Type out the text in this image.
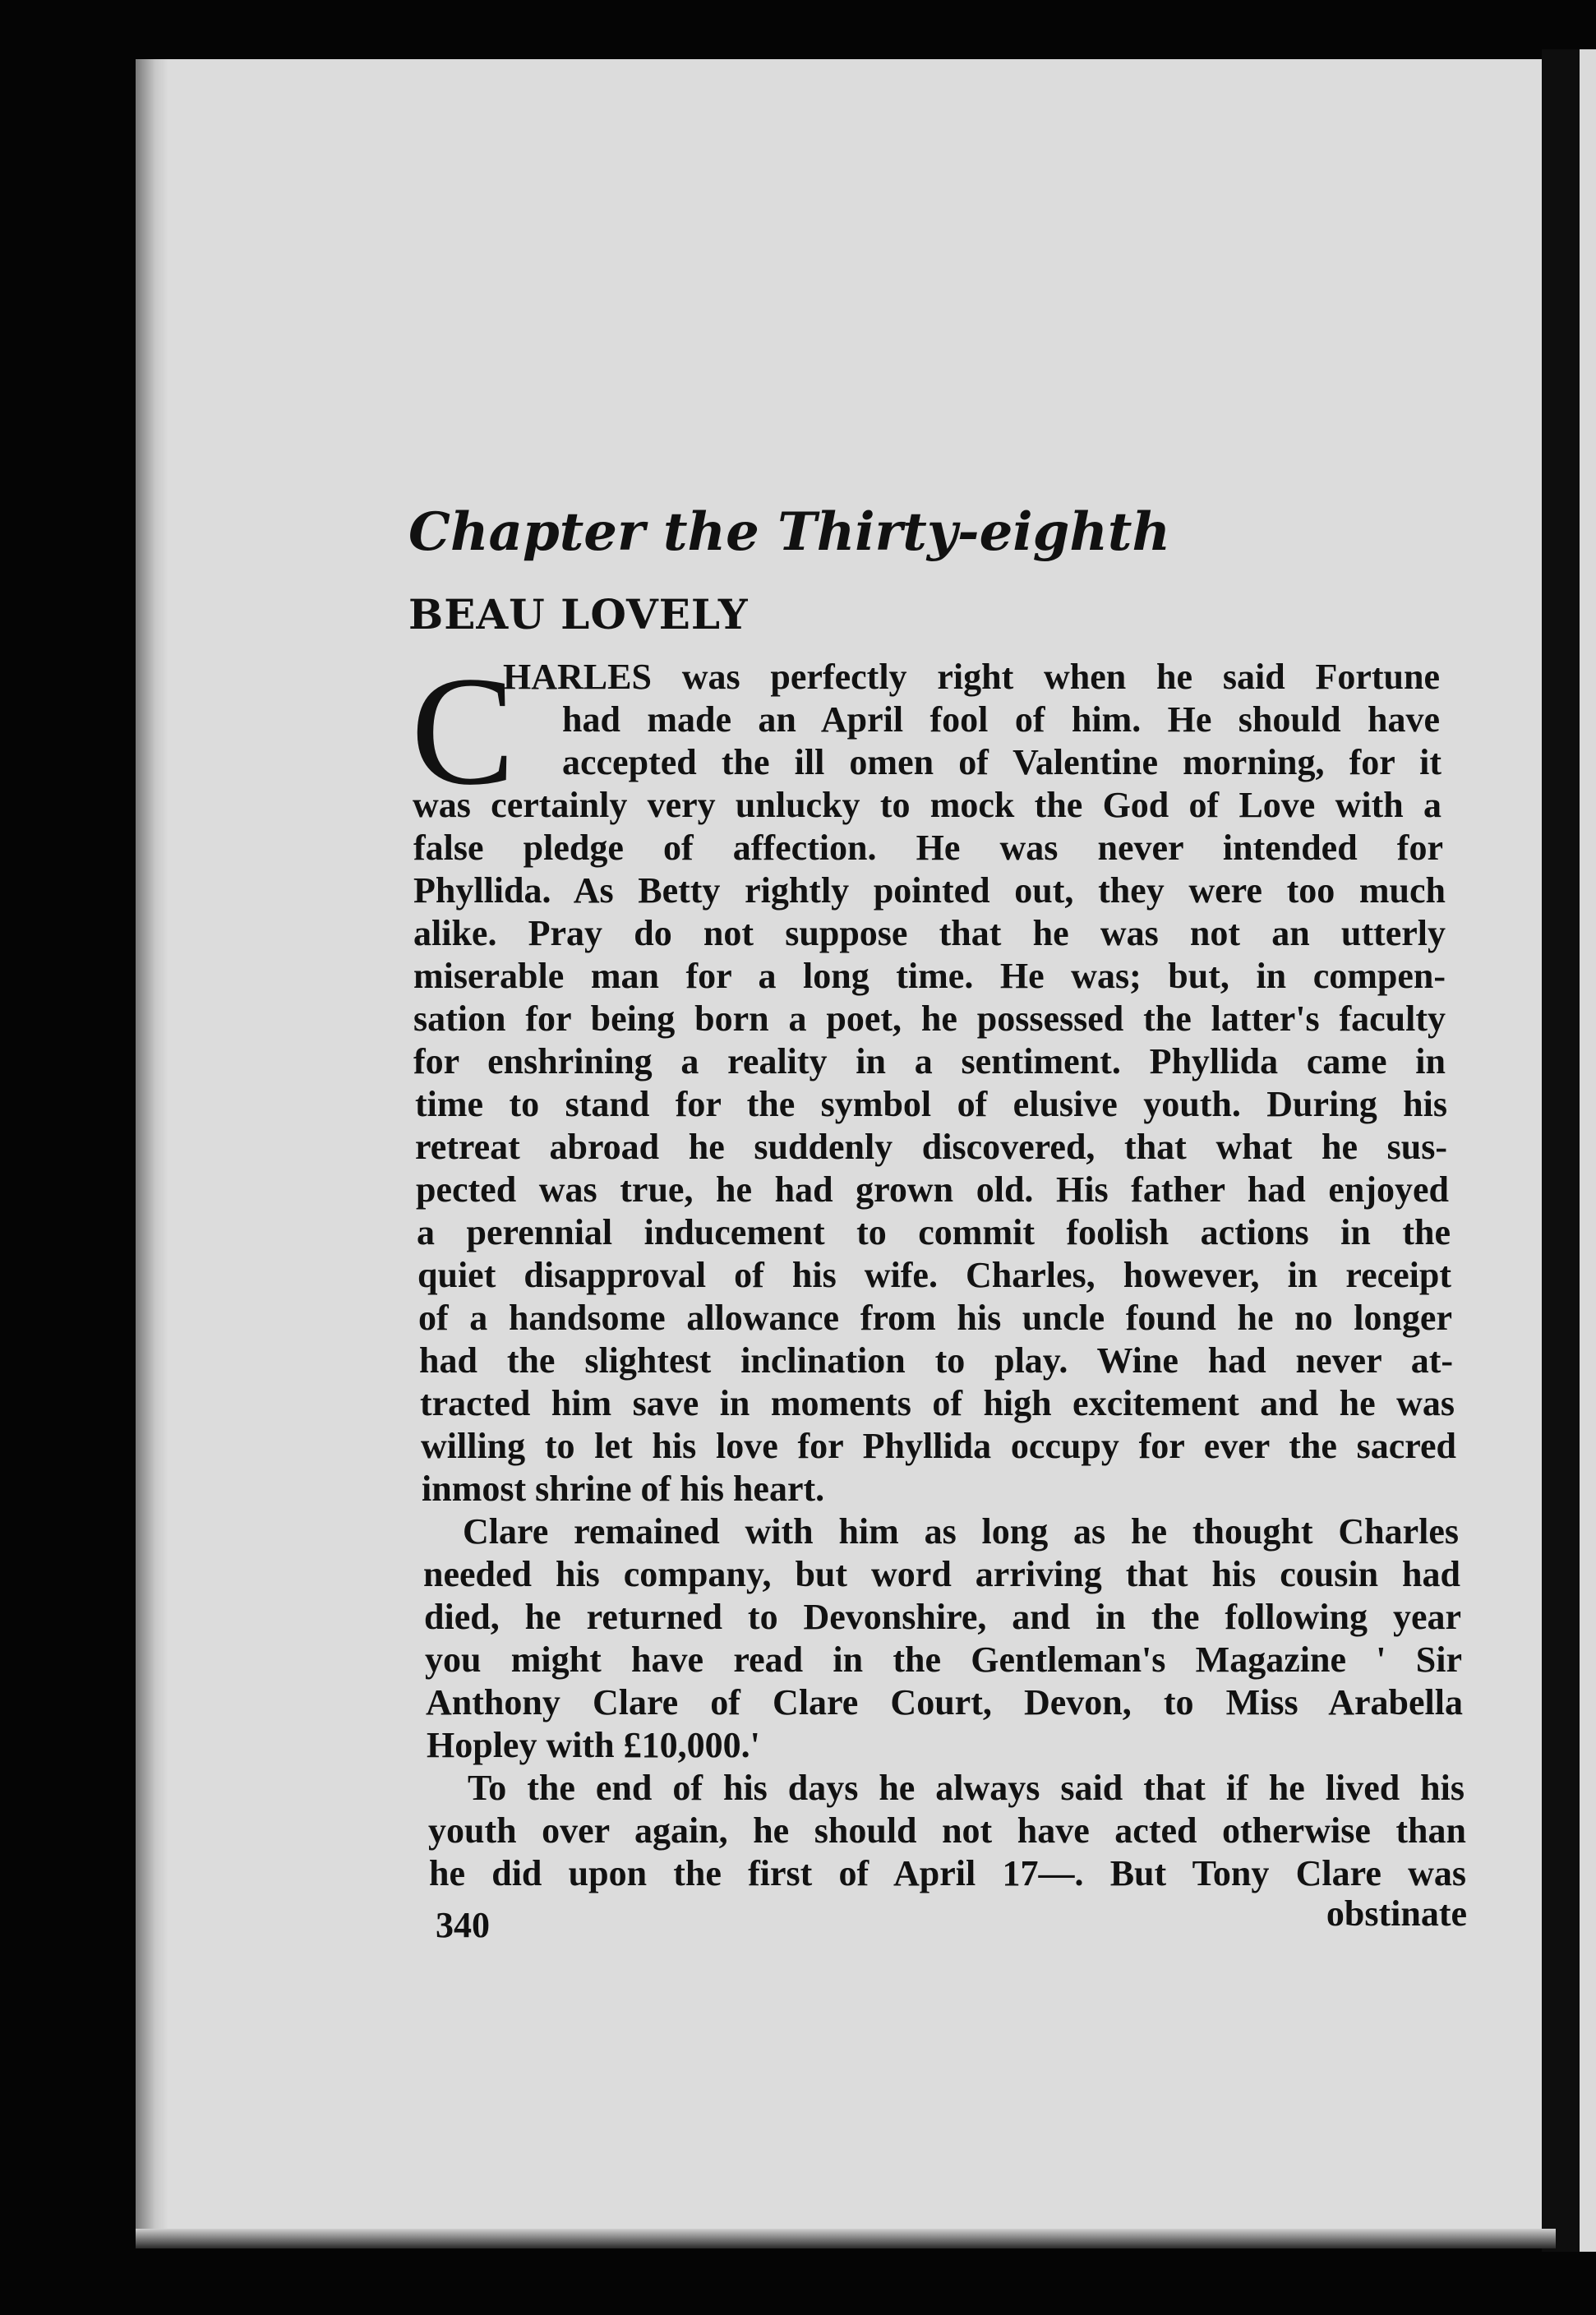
Chapter the Thirty-eighth
BEAU LOVELY
C
HARLES was perfectly right when he said Fortune
had made an April fool of him. He should have
accepted the ill omen of Valentine morning, for it
was certainly very unlucky to mock the God of Love with a
false pledge of affection. He was never intended for
Phyllida. As Betty rightly pointed out, they were too much
alike. Pray do not suppose that he was not an utterly
miserable man for a long time. He was; but, in compen-
sation for being born a poet, he possessed the latter's faculty
for enshrining a reality in a sentiment. Phyllida came in
time to stand for the symbol of elusive youth. During his
retreat abroad he suddenly discovered, that what he sus-
pected was true, he had grown old. His father had enjoyed
a perennial inducement to commit foolish actions in the
quiet disapproval of his wife. Charles, however, in receipt
of a handsome allowance from his uncle found he no longer
had the slightest inclination to play. Wine had never at-
tracted him save in moments of high excitement and he was
willing to let his love for Phyllida occupy for ever the sacred
inmost shrine of his heart.
Clare remained with him as long as he thought Charles
needed his company, but word arriving that his cousin had
died, he returned to Devonshire, and in the following year
you might have read in the Gentleman's Magazine ' Sir
Anthony Clare of Clare Court, Devon, to Miss Arabella
Hopley with £10,000.'
To the end of his days he always said that if he lived his
youth over again, he should not have acted otherwise than
he did upon the first of April 17—. But Tony Clare was
340	obstinate
